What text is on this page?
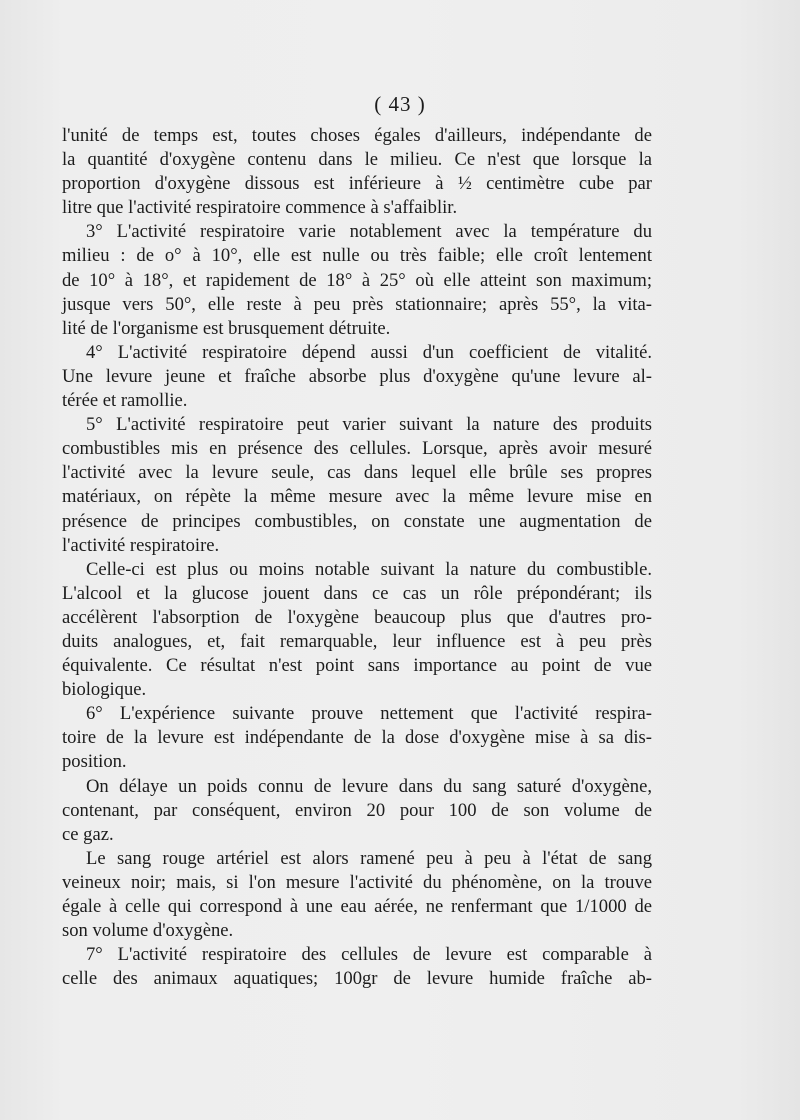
( 43 )
l'unité de temps est, toutes choses égales d'ailleurs, indépendante de
la quantité d'oxygène contenu dans le milieu. Ce n'est que lorsque la
proportion d'oxygène dissous est inférieure à ½ centimètre cube par
litre que l'activité respiratoire commence à s'affaiblir.
3° L'activité respiratoire varie notablement avec la température du
milieu : de o° à 10°, elle est nulle ou très faible; elle croît lentement
de 10° à 18°, et rapidement de 18° à 25° où elle atteint son maximum;
jusque vers 50°, elle reste à peu près stationnaire; après 55°, la vita-
lité de l'organisme est brusquement détruite.
4° L'activité respiratoire dépend aussi d'un coefficient de vitalité.
Une levure jeune et fraîche absorbe plus d'oxygène qu'une levure al-
térée et ramollie.
5° L'activité respiratoire peut varier suivant la nature des produits
combustibles mis en présence des cellules. Lorsque, après avoir mesuré
l'activité avec la levure seule, cas dans lequel elle brûle ses propres
matériaux, on répète la même mesure avec la même levure mise en
présence de principes combustibles, on constate une augmentation de
l'activité respiratoire.
Celle-ci est plus ou moins notable suivant la nature du combustible.
L'alcool et la glucose jouent dans ce cas un rôle prépondérant; ils
accélèrent l'absorption de l'oxygène beaucoup plus que d'autres pro-
duits analogues, et, fait remarquable, leur influence est à peu près
équivalente. Ce résultat n'est point sans importance au point de vue
biologique.
6° L'expérience suivante prouve nettement que l'activité respira-
toire de la levure est indépendante de la dose d'oxygène mise à sa dis-
position.
On délaye un poids connu de levure dans du sang saturé d'oxygène,
contenant, par conséquent, environ 20 pour 100 de son volume de
ce gaz.
Le sang rouge artériel est alors ramené peu à peu à l'état de sang
veineux noir; mais, si l'on mesure l'activité du phénomène, on la trouve
égale à celle qui correspond à une eau aérée, ne renfermant que 1/1000 de
son volume d'oxygène.
7° L'activité respiratoire des cellules de levure est comparable à
celle des animaux aquatiques; 100gr de levure humide fraîche ab-
